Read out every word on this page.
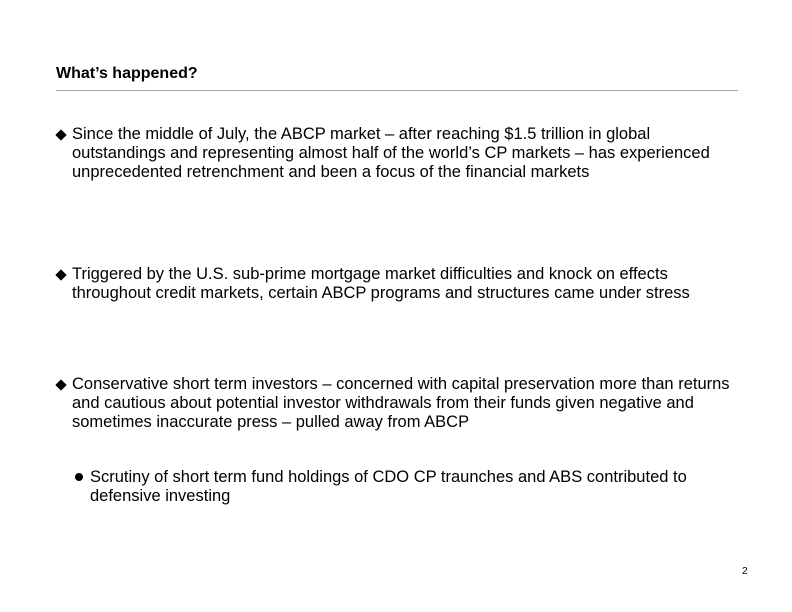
What’s happened?
Since the middle of July, the ABCP market – after reaching $1.5 trillion in global outstandings and representing almost half of the world’s CP markets – has experienced unprecedented retrenchment and been a focus of the financial markets
Triggered by the U.S. sub-prime mortgage market difficulties and knock on effects throughout credit markets, certain ABCP programs and structures came under stress
Conservative short term investors – concerned with capital preservation more than returns and cautious about potential investor withdrawals from their funds given negative and sometimes inaccurate press – pulled away from ABCP
Scrutiny of short term fund holdings of CDO CP traunches and ABS contributed to defensive investing
2
